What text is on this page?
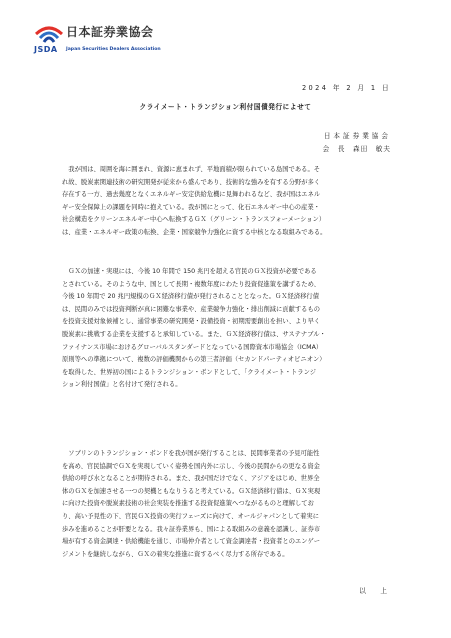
日本証券業協会
JSDA Japan Securities Dealers Association
2024 年 2 月 1 日
クライメート・トランジション利付国債発行によせて
日本証券業協会
会　長　森田　敏夫
　我が国は、周囲を海に囲まれ、資源に恵まれず、平地面積が限られている島国である。そ
れ故、脱炭素関連技術の研究開発が従来から盛んであり、技術的な強みを有する分野が多く
存在する一方、過去幾度となくエネルギー安定供給危機に見舞われるなど、我が国はエネル
ギー安全保障上の課題を同時に抱えている。我が国にとって、化石エネルギー中心の産業・
社会構造をクリーンエネルギー中心へ転換するＧＸ（グリーン・トランスフォーメーション）
は、産業・エネルギー政策の転換、企業・国家競争力強化に資する中核となる取組みである。
　ＧＸの加速・実現には、今後 10 年間で 150 兆円を超える官民のＧＸ投資が必要である
とされている。そのような中、国として長期・複数年度にわたり投資促進策を講ずるため、
今後 10 年間で 20 兆円規模のＧＸ経済移行債が発行されることとなった。ＧＸ経済移行債
は、民間のみでは投資判断が真に困難な事業や、産業競争力強化・排出削減に貢献するもの
を投資支援対象候補とし、通常事業の研究開発・設備投資・初期需要創出を担い、より早く
脱炭素に挑戦する企業を支援すると承知している。また、ＧＸ経済移行債は、サステナブル・
ファイナンス市場におけるグローバルスタンダードとなっている国際資本市場協会（ICMA）
原則等への準拠について、複数の評価機関からの第三者評価（セカンドパーティオピニオン）
を取得した、世界初の国によるトランジション・ボンドとして、「クライメート・トランジ
ション利付国債」と名付けて発行される。
　ソブリンのトランジション・ボンドを我が国が発行することは、民間事業者の予見可能性
を高め、官民協調でＧＸを実現していく姿勢を国内外に示し、今後の民間からの更なる資金
供給の呼び水となることが期待される。また、我が国だけでなく、アジアをはじめ、世界全
体のＧＸを加速させる一つの契機ともなりうると考えている。ＧＸ経済移行債は、ＧＸ実現
に向けた投資や脱炭素技術の社会実装を推進する投資促進策へつながるものと理解してお
り、高い予見性の下、官民ＧＸ投資の実行フェーズに向けて、オールジャパンとして着実に
歩みを進めることが肝要となる。我々証券業界も、国による取組みの意義を認識し、証券市
場が有する資金調達・供給機能を通じ、市場仲介者として資金調達者・投資者とのエンゲー
ジメントを継続しながら、ＧＸの着実な推進に資するべく尽力する所存である。
以　上
